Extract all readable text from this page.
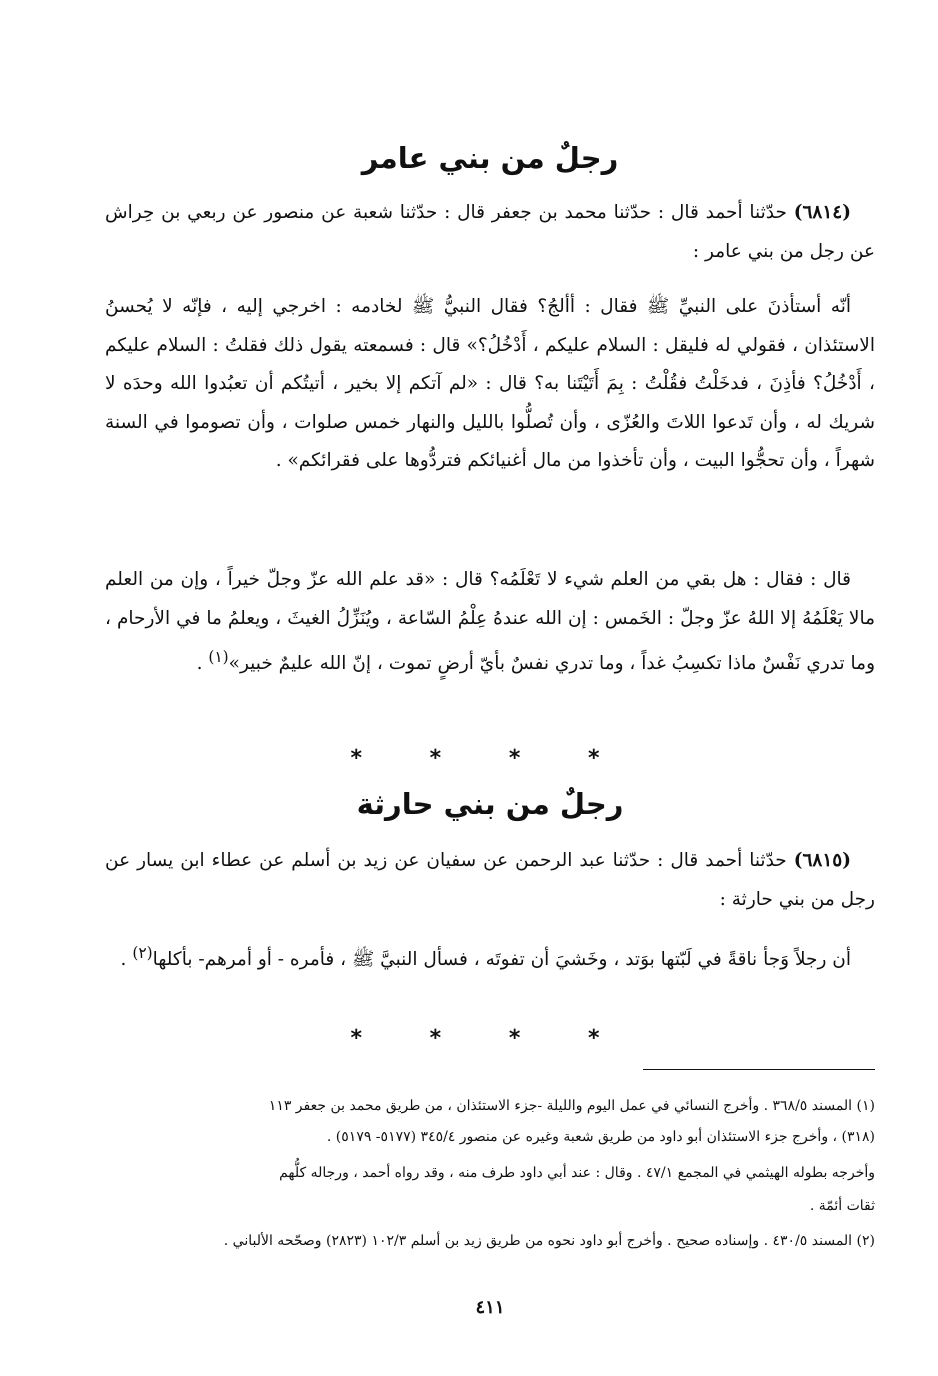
رجلٌ من بني عامر

(٦٨١٤) حدّثنا أحمد قال : حدّثنا محمد بن جعفر قال : حدّثنا شعبة عن منصور عن ربعي بن حِراش عن رجل من بني عامر :

أنّه أستأذنَ على النبيِّ ﷺ فقال : أألجُ؟ فقال النبيُّ ﷺ لخادمه : اخرجي إليه ، فإنّه لا يُحسنُ الاستئذان ، فقولي له فليقل : السلام عليكم ، أَدْخُلُ؟» قال : فسمعته يقول ذلك فقلتُ : السلام عليكم ، أَدْخُلُ؟ فأذِنَ ، فدخَلْتُ فقُلْتُ : بِمَ أَتَيْتَنا به؟ قال : «لم آتكم إلا بخير ، أتيتُكم أن تعبُدوا الله وحدَه لا شريك له ، وأن تَدعوا اللاتَ والعُزّى ، وأن تُصلُّوا بالليل والنهار خمس صلوات ، وأن تصوموا في السنة شهراً ، وأن تحجُّوا البيت ، وأن تأخذوا من مال أغنيائكم فتردُّوها على فقرائكم» .

قال : فقال : هل بقي من العلم شيء لا تَعْلَمُه؟ قال : «قد علم الله عزّ وجلّ خيراً ، وإن من العلم مالا يَعْلَمُهُ إلا اللهُ عزّ وجلّ : الخَمس : إن الله عندهُ عِلْمُ السّاعة ، ويُنَزِّلُ الغيثَ ، ويعلمُ ما في الأرحام ، وما تدري نَفْسٌ ماذا تكسِبُ غداً ، وما تدري نفسٌ بأيّ أرضٍ تموت ، إنّ الله عليمٌ خبير»$^{(١)}$ .

* * * *
رجلٌ من بني حارثة

(٦٨١٥) حدّثنا أحمد قال : حدّثنا عبد الرحمن عن سفيان عن زيد بن أسلم عن عطاء ابن يسار عن رجل من بني حارثة :

أن رجلاً وَجأ ناقةً في لَبّتها بوَتد ، وخَشيَ أن تفوتَه ، فسأل النبيَّ ﷺ ، فأمره - أو أمرهم- بأكلها$^{(٢)}$ .

* * * *

(١) المسند ٣٦٨/٥ . وأخرج النسائي في عمل اليوم والليلة -جزء الاستئذان ، من طريق محمد بن جعفر ١١٣

(٣١٨) ، وأخرج جزء الاستئذان أبو داود من طريق شعبة وغيره عن منصور ٣٤٥/٤ (٥١٧٧- ٥١٧٩) .

وأخرجه بطوله الهيثمي في المجمع ٤٧/١ . وقال : عند أبي داود طرف منه ، وقد رواه أحمد ، ورجاله كلُّهم

ثقات أئمّة .

(٢) المسند ٤٣٠/٥ . وإسناده صحيح . وأخرج أبو داود نحوه من طريق زيد بن أسلم ١٠٢/٣ (٢٨٢٣) وصحّحه الألباني .

٤١١
